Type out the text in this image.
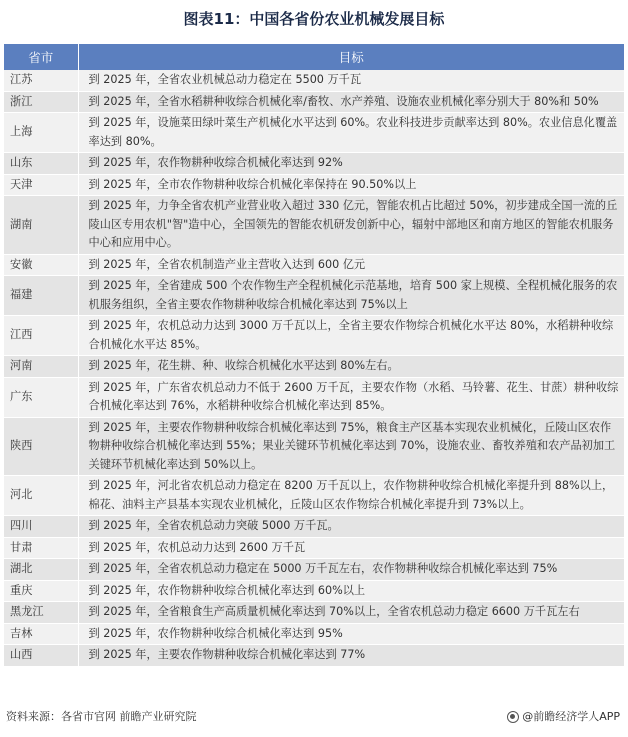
图表11：中国各省份农业机械发展目标
省市	目标
江苏	到 2025 年，全省农业机械总动力稳定在 5500 万千瓦
浙江	到 2025 年，全省水稻耕种收综合机械化率/畜牧、水产养殖、设施农业机械化率分别大于 80%和 50%
上海	到 2025 年，设施菜田绿叶菜生产机械化水平达到 60%。农业科技进步贡献率达到 80%。农业信息化覆盖率达到 80%。
山东	到 2025 年，农作物耕种收综合机械化率达到 92%
天津	到 2025 年，全市农作物耕种收综合机械化率保持在 90.50%以上
湖南	到 2025 年，力争全省农机产业营业收入超过 330 亿元，智能农机占比超过 50%，初步建成全国一流的丘陵山区专用农机"智"造中心，全国领先的智能农机研发创新中心，辐射中部地区和南方地区的智能农机服务中心和应用中心。
安徽	到 2025 年，全省农机制造产业主营收入达到 600 亿元
福建	到 2025 年，全省建成 500 个农作物生产全程机械化示范基地，培育 500 家上规模、全程机械化服务的农机服务组织，全省主要农作物耕种收综合机械化率达到 75%以上
江西	到 2025 年，农机总动力达到 3000 万千瓦以上，全省主要农作物综合机械化水平达 80%，水稻耕种收综合机械化水平达 85%。
河南	到 2025 年，花生耕、种、收综合机械化水平达到 80%左右。
广东	到 2025 年，广东省农机总动力不低于 2600 万千瓦，主要农作物（水稻、马铃薯、花生、甘蔗）耕种收综合机械化率达到 76%，水稻耕种收综合机械化率达到 85%。
陕西	到 2025 年，主要农作物耕种收综合机械化率达到 75%，粮食主产区基本实现农业机械化，丘陵山区农作物耕种收综合机械化率达到 55%；果业关键环节机械化率达到 70%，设施农业、畜牧养殖和农产品初加工关键环节机械化率达到 50%以上。
河北	到 2025 年，河北省农机总动力稳定在 8200 万千瓦以上，农作物耕种收综合机械化率提升到 88%以上，棉花、油料主产县基本实现农业机械化，丘陵山区农作物综合机械化率提升到 73%以上。
四川	到 2025 年，全省农机总动力突破 5000 万千瓦。
甘肃	到 2025 年，农机总动力达到 2600 万千瓦
湖北	到 2025 年，全省农机总动力稳定在 5000 万千瓦左右，农作物耕种收综合机械化率达到 75%
重庆	到 2025 年，农作物耕种收综合机械化率达到 60%以上
黑龙江	到 2025 年，全省粮食生产高质量机械化率达到 70%以上，全省农机总动力稳定 6600 万千瓦左右
吉林	到 2025 年，农作物耕种收综合机械化率达到 95%
山西	到 2025 年，主要农作物耕种收综合机械化率达到 77%
资料来源：各省市官网 前瞻产业研究院	@前瞻经济学人APP
